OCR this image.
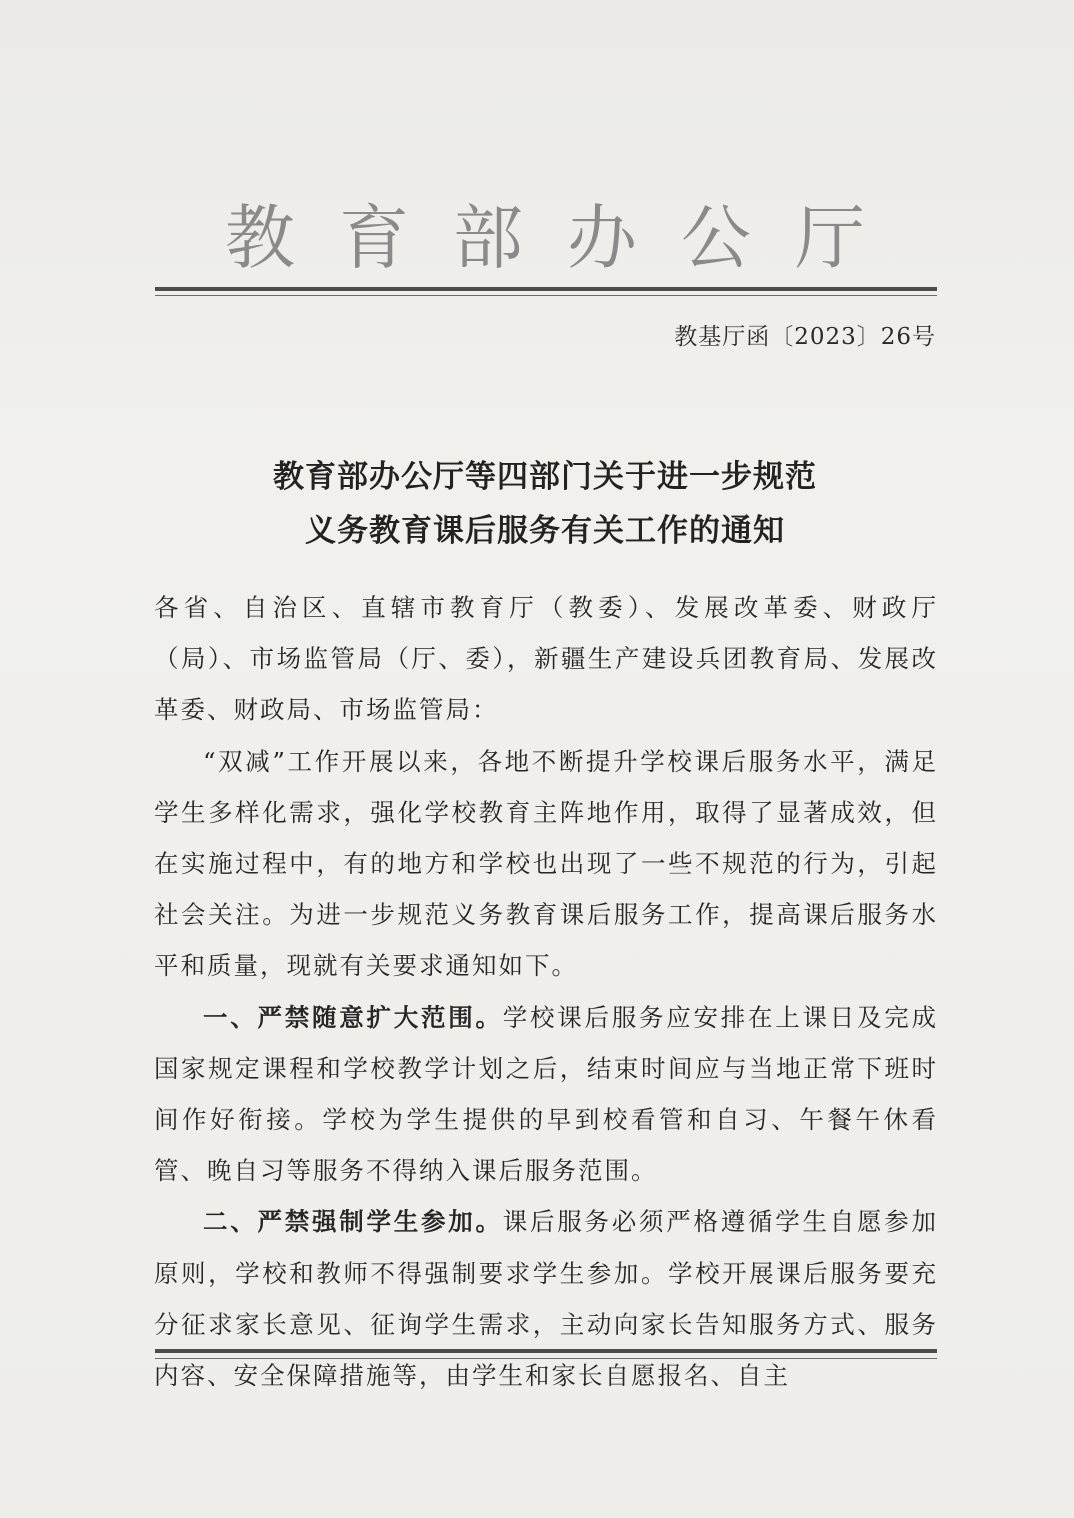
教育部办公厅
教基厅函〔2023〕26号
教育部办公厅等四部门关于进一步规范
义务教育课后服务有关工作的通知

各省、自治区、直辖市教育厅（教委）、发展改革委、财政厅（局）、市场监管局（厅、委），新疆生产建设兵团教育局、发展改革委、财政局、市场监管局：

“双减”工作开展以来，各地不断提升学校课后服务水平，满足学生多样化需求，强化学校教育主阵地作用，取得了显著成效，但在实施过程中，有的地方和学校也出现了一些不规范的行为，引起社会关注。为进一步规范义务教育课后服务工作，提高课后服务水平和质量，现就有关要求通知如下。

一、严禁随意扩大范围。学校课后服务应安排在上课日及完成国家规定课程和学校教学计划之后，结束时间应与当地正常下班时间作好衔接。学校为学生提供的早到校看管和自习、午餐午休看管、晚自习等服务不得纳入课后服务范围。

二、严禁强制学生参加。课后服务必须严格遵循学生自愿参加原则，学校和教师不得强制要求学生参加。学校开展课后服务要充分征求家长意见、征询学生需求，主动向家长告知服务方式、服务内容、安全保障措施等，由学生和家长自愿报名、自主
